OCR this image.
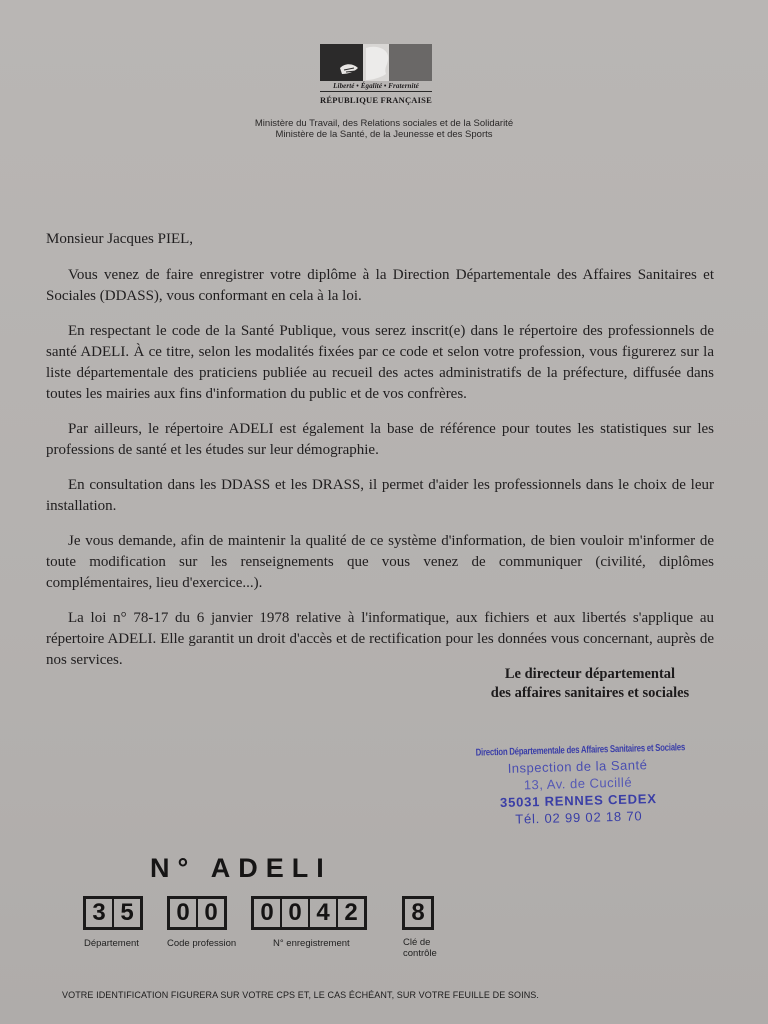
Liberté • Égalité • Fraternité
RÉPUBLIQUE FRANÇAISE
Ministère du Travail, des Relations sociales et de la Solidarité
Ministère de la Santé, de la Jeunesse et des Sports

Monsieur Jacques PIEL,

Vous venez de faire enregistrer votre diplôme à la Direction Départementale des Affaires Sanitaires et Sociales (DDASS), vous conformant en cela à la loi.

En respectant le code de la Santé Publique, vous serez inscrit(e) dans le répertoire des professionnels de santé ADELI. À ce titre, selon les modalités fixées par ce code et selon votre profession, vous figurerez sur la liste départementale des praticiens publiée au recueil des actes administratifs de la préfecture, diffusée dans toutes les mairies aux fins d'information du public et de vos confrères.

Par ailleurs, le répertoire ADELI est également la base de référence pour toutes les statistiques sur les professions de santé et les études sur leur démographie.

En consultation dans les DDASS et les DRASS, il permet d'aider les professionnels dans le choix de leur installation.

Je vous demande, afin de maintenir la qualité de ce système d'information, de bien vouloir m'informer de toute modification sur les renseignements que vous venez de communiquer (civilité, diplômes complémentaires, lieu d'exercice...).

La loi n° 78-17 du 6 janvier 1978 relative à l'informatique, aux fichiers et aux libertés s'applique au répertoire ADELI. Elle garantit un droit d'accès et de rectification pour les données vous concernant, auprès de nos services.

Le directeur départemental
des affaires sanitaires et sociales
Direction Départementale des Affaires Sanitaires et Sociales
Inspection de la Santé
13, Av. de Cucillé
35031 RENNES CEDEX
Tél. 02 99 02 18 70
N° ADELI
3 5	0 0	0 0 4 2	8
Département	Code profession	N° enregistrement	Clé de
contrôle
VOTRE IDENTIFICATION FIGURERA SUR VOTRE CPS ET, LE CAS ÉCHÉANT, SUR VOTRE FEUILLE DE SOINS.
